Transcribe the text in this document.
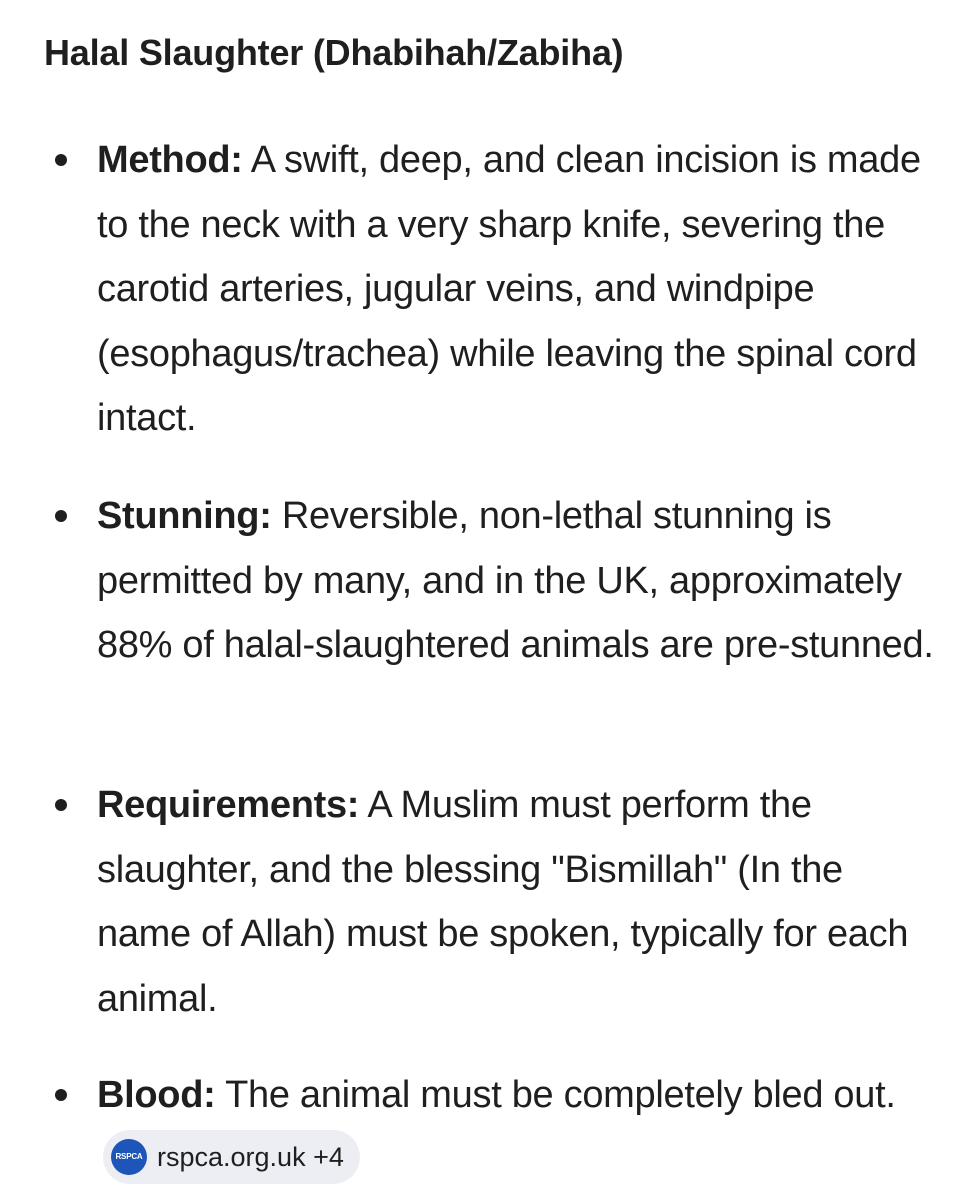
Halal Slaughter (Dhabihah/Zabiha)
Method: A swift, deep, and clean incision is made to the neck with a very sharp knife, severing the carotid arteries, jugular veins, and windpipe (esophagus/trachea) while leaving the spinal cord intact.
Stunning: Reversible, non-lethal stunning is permitted by many, and in the UK, approximately 88% of halal-slaughtered animals are pre-stunned.
Requirements: A Muslim must perform the slaughter, and the blessing "Bismillah" (In the name of Allah) must be spoken, typically for each animal.
Blood: The animal must be completely bled out.
RSPCA rspca.org.uk +4
